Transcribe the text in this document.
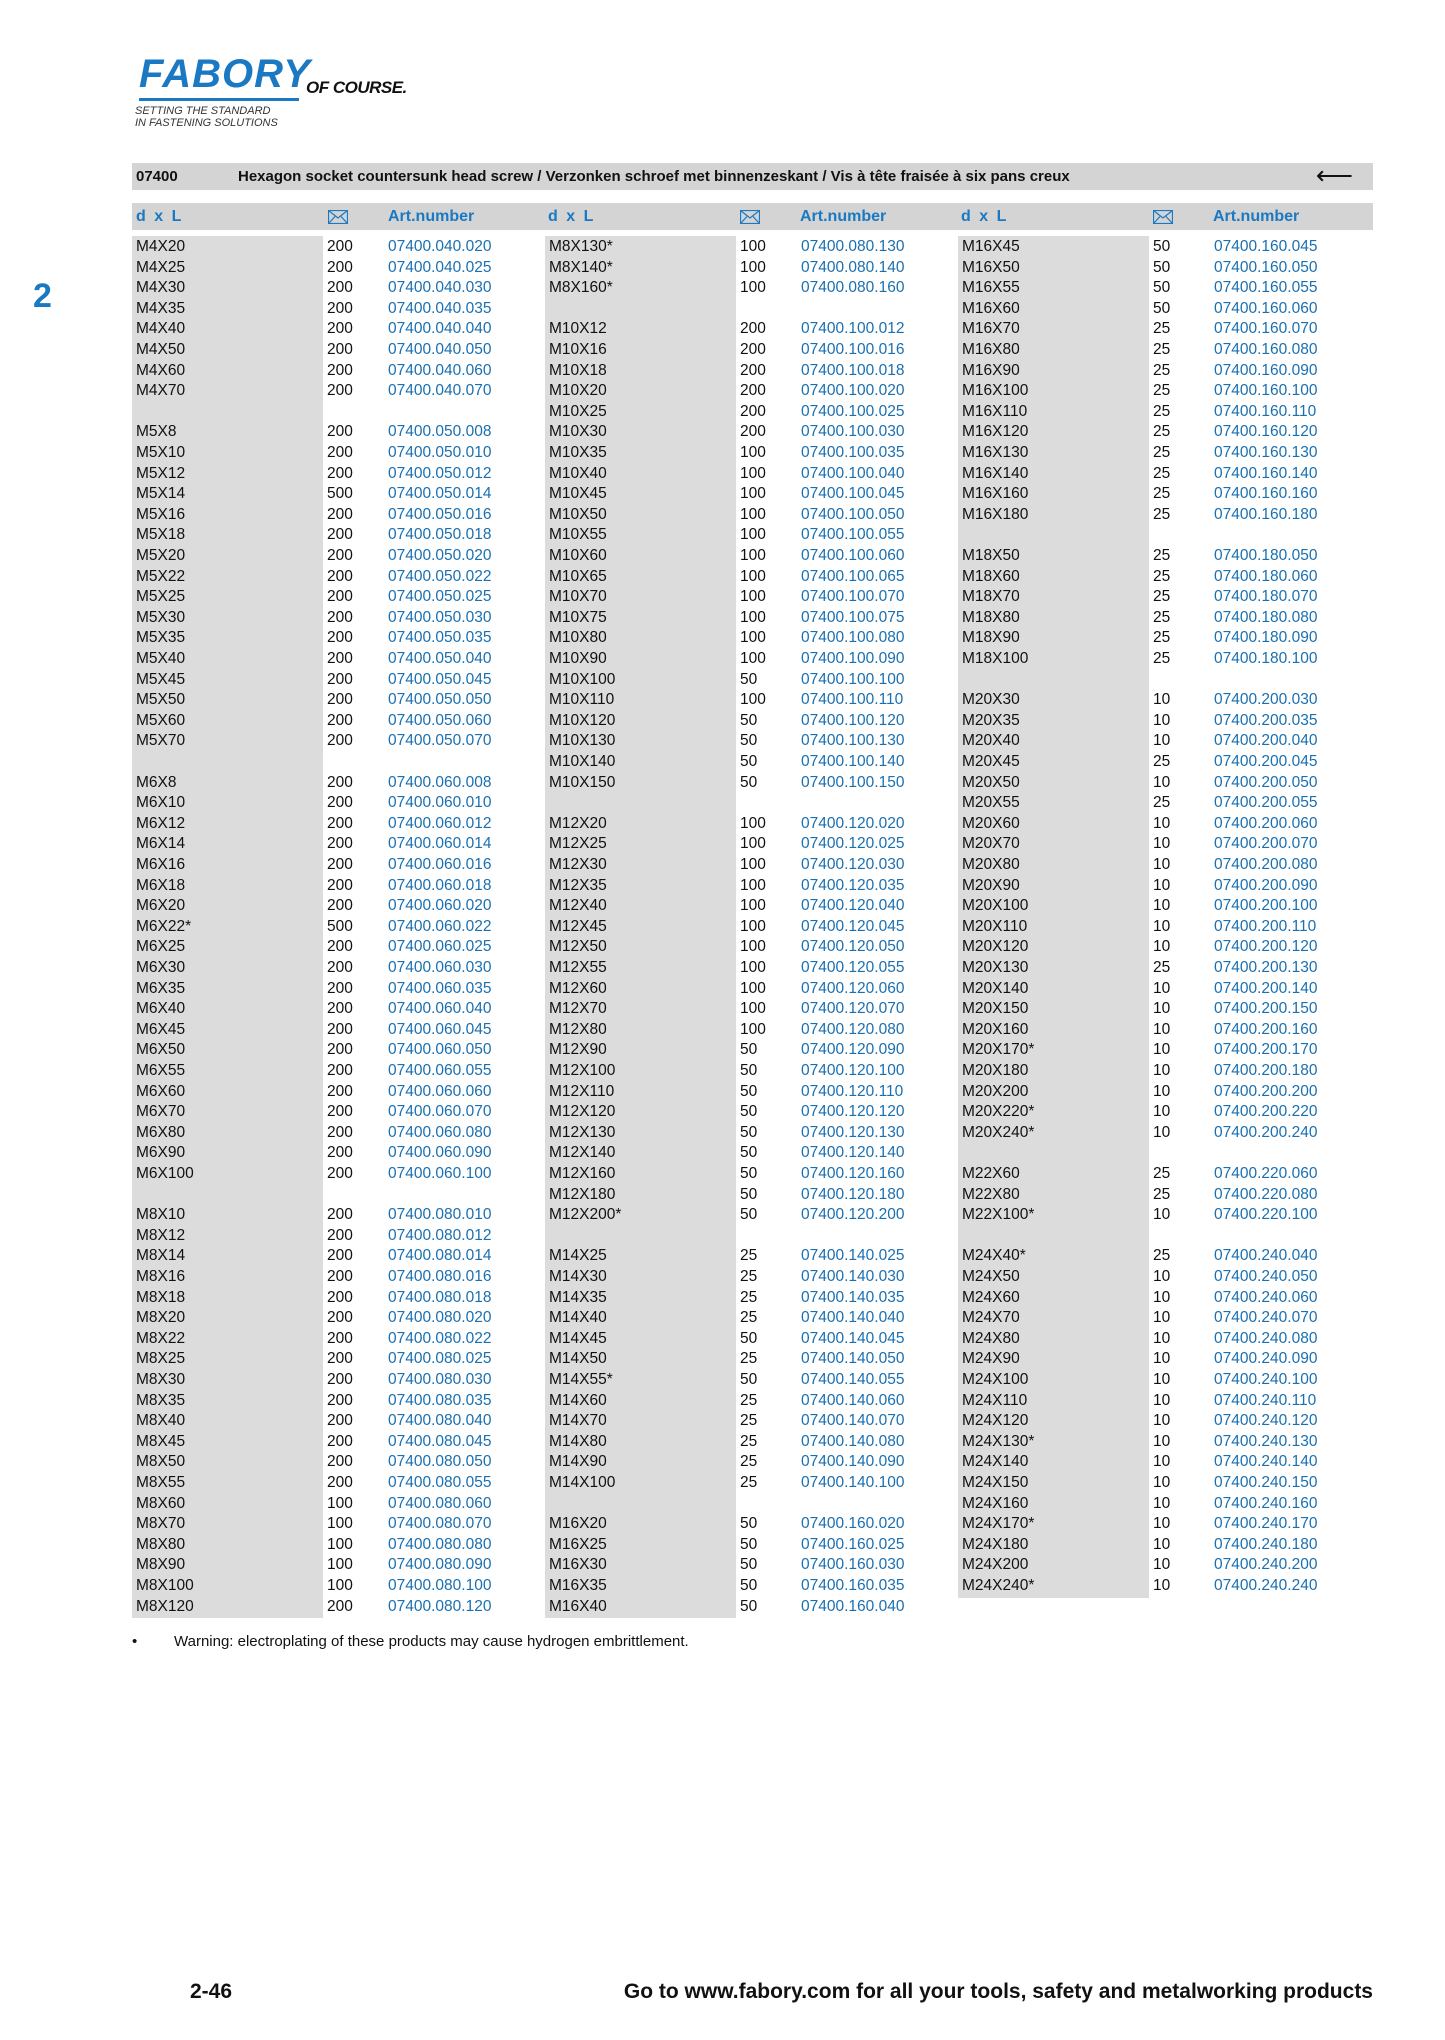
FABORY
OF COURSE.
SETTING THE STANDARD
IN FASTENING SOLUTIONS
2
07400	Hexagon socket countersunk head screw / Verzonken schroef met binnenzeskant / Vis à tête fraisée à six pans creux	⟵
d x L	Art.number	d x L	Art.number	d x L	Art.number
M4X20	200 07400.040.020
M4X25	200 07400.040.025
M4X30	200 07400.040.030
M4X35	200 07400.040.035
M4X40	200 07400.040.040
M4X50	200 07400.040.050
M4X60	200 07400.040.060
M4X70	200 07400.040.070
M5X8	200 07400.050.008
M5X10	200 07400.050.010
M5X12	200 07400.050.012
M5X14	500 07400.050.014
M5X16	200 07400.050.016
M5X18	200 07400.050.018
M5X20	200 07400.050.020
M5X22	200 07400.050.022
M5X25	200 07400.050.025
M5X30	200 07400.050.030
M5X35	200 07400.050.035
M5X40	200 07400.050.040
M5X45	200 07400.050.045
M5X50	200 07400.050.050
M5X60	200 07400.050.060
M5X70	200 07400.050.070
M6X8	200 07400.060.008
M6X10	200 07400.060.010
M6X12	200 07400.060.012
M6X14	200 07400.060.014
M6X16	200 07400.060.016
M6X18	200 07400.060.018
M6X20	200 07400.060.020
M6X22*	500 07400.060.022
M6X25	200 07400.060.025
M6X30	200 07400.060.030
M6X35	200 07400.060.035
M6X40	200 07400.060.040
M6X45	200 07400.060.045
M6X50	200 07400.060.050
M6X55	200 07400.060.055
M6X60	200 07400.060.060
M6X70	200 07400.060.070
M6X80	200 07400.060.080
M6X90	200 07400.060.090
M6X100	200 07400.060.100
M8X10	200 07400.080.010
M8X12	200 07400.080.012
M8X14	200 07400.080.014
M8X16	200 07400.080.016
M8X18	200 07400.080.018
M8X20	200 07400.080.020
M8X22	200 07400.080.022
M8X25	200 07400.080.025
M8X30	200 07400.080.030
M8X35	200 07400.080.035
M8X40	200 07400.080.040
M8X45	200 07400.080.045
M8X50	200 07400.080.050
M8X55	200 07400.080.055
M8X60	100 07400.080.060
M8X70	100 07400.080.070
M8X80	100 07400.080.080
M8X90	100 07400.080.090
M8X100	100 07400.080.100
M8X120	200 07400.080.120
M8X130*	100 07400.080.130
M8X140*	100 07400.080.140
M8X160*	100 07400.080.160
M10X12	200 07400.100.012
M10X16	200 07400.100.016
M10X18	200 07400.100.018
M10X20	200 07400.100.020
M10X25	200 07400.100.025
M10X30	200 07400.100.030
M10X35	100 07400.100.035
M10X40	100 07400.100.040
M10X45	100 07400.100.045
M10X50	100 07400.100.050
M10X55	100 07400.100.055
M10X60	100 07400.100.060
M10X65	100 07400.100.065
M10X70	100 07400.100.070
M10X75	100 07400.100.075
M10X80	100 07400.100.080
M10X90	100 07400.100.090
M10X100	50	07400.100.100
M10X110	100 07400.100.110
M10X120	50	07400.100.120
M10X130	50	07400.100.130
M10X140	50	07400.100.140
M10X150	50	07400.100.150
M12X20	100 07400.120.020
M12X25	100 07400.120.025
M12X30	100 07400.120.030
M12X35	100 07400.120.035
M12X40	100 07400.120.040
M12X45	100 07400.120.045
M12X50	100 07400.120.050
M12X55	100 07400.120.055
M12X60	100 07400.120.060
M12X70	100 07400.120.070
M12X80	100 07400.120.080
M12X90	50	07400.120.090
M12X100	50	07400.120.100
M12X110	50	07400.120.110
M12X120	50	07400.120.120
M12X130	50	07400.120.130
M12X140	50	07400.120.140
M12X160	50	07400.120.160
M12X180	50	07400.120.180
M12X200*	50	07400.120.200
M14X25	25	07400.140.025
M14X30	25	07400.140.030
M14X35	25	07400.140.035
M14X40	25	07400.140.040
M14X45	50	07400.140.045
M14X50	25	07400.140.050
M14X55*	50	07400.140.055
M14X60	25	07400.140.060
M14X70	25	07400.140.070
M14X80	25	07400.140.080
M14X90	25	07400.140.090
M14X100	25	07400.140.100
M16X20	50	07400.160.020
M16X25	50	07400.160.025
M16X30	50	07400.160.030
M16X35	50	07400.160.035
M16X40	50	07400.160.040
M16X45	50	07400.160.045
M16X50	50	07400.160.050
M16X55	50	07400.160.055
M16X60	50	07400.160.060
M16X70	25	07400.160.070
M16X80	25	07400.160.080
M16X90	25	07400.160.090
M16X100	25	07400.160.100
M16X110	25	07400.160.110
M16X120	25	07400.160.120
M16X130	25	07400.160.130
M16X140	25	07400.160.140
M16X160	25	07400.160.160
M16X180	25	07400.160.180
M18X50	25	07400.180.050
M18X60	25	07400.180.060
M18X70	25	07400.180.070
M18X80	25	07400.180.080
M18X90	25	07400.180.090
M18X100	25	07400.180.100
M20X30	10	07400.200.030
M20X35	10	07400.200.035
M20X40	10	07400.200.040
M20X45	25	07400.200.045
M20X50	10	07400.200.050
M20X55	25	07400.200.055
M20X60	10	07400.200.060
M20X70	10	07400.200.070
M20X80	10	07400.200.080
M20X90	10	07400.200.090
M20X100	10	07400.200.100
M20X110	10	07400.200.110
M20X120	10	07400.200.120
M20X130	25	07400.200.130
M20X140	10	07400.200.140
M20X150	10	07400.200.150
M20X160	10	07400.200.160
M20X170*	10	07400.200.170
M20X180	10	07400.200.180
M20X200	10	07400.200.200
M20X220*	10	07400.200.220
M20X240*	10	07400.200.240
M22X60	25	07400.220.060
M22X80	25	07400.220.080
M22X100*	10	07400.220.100
M24X40*	25	07400.240.040
M24X50	10	07400.240.050
M24X60	10	07400.240.060
M24X70	10	07400.240.070
M24X80	10	07400.240.080
M24X90	10	07400.240.090
M24X100	10	07400.240.100
M24X110	10	07400.240.110
M24X120	10	07400.240.120
M24X130*	10	07400.240.130
M24X140	10	07400.240.140
M24X150	10	07400.240.150
M24X160	10	07400.240.160
M24X170*	10	07400.240.170
M24X180	10	07400.240.180
M24X200	10	07400.240.200
M24X240*	10	07400.240.240
• Warning: electroplating of these products may cause hydrogen embrittlement.
2-46	Go to www.fabory.com for all your tools, safety and metalworking products
